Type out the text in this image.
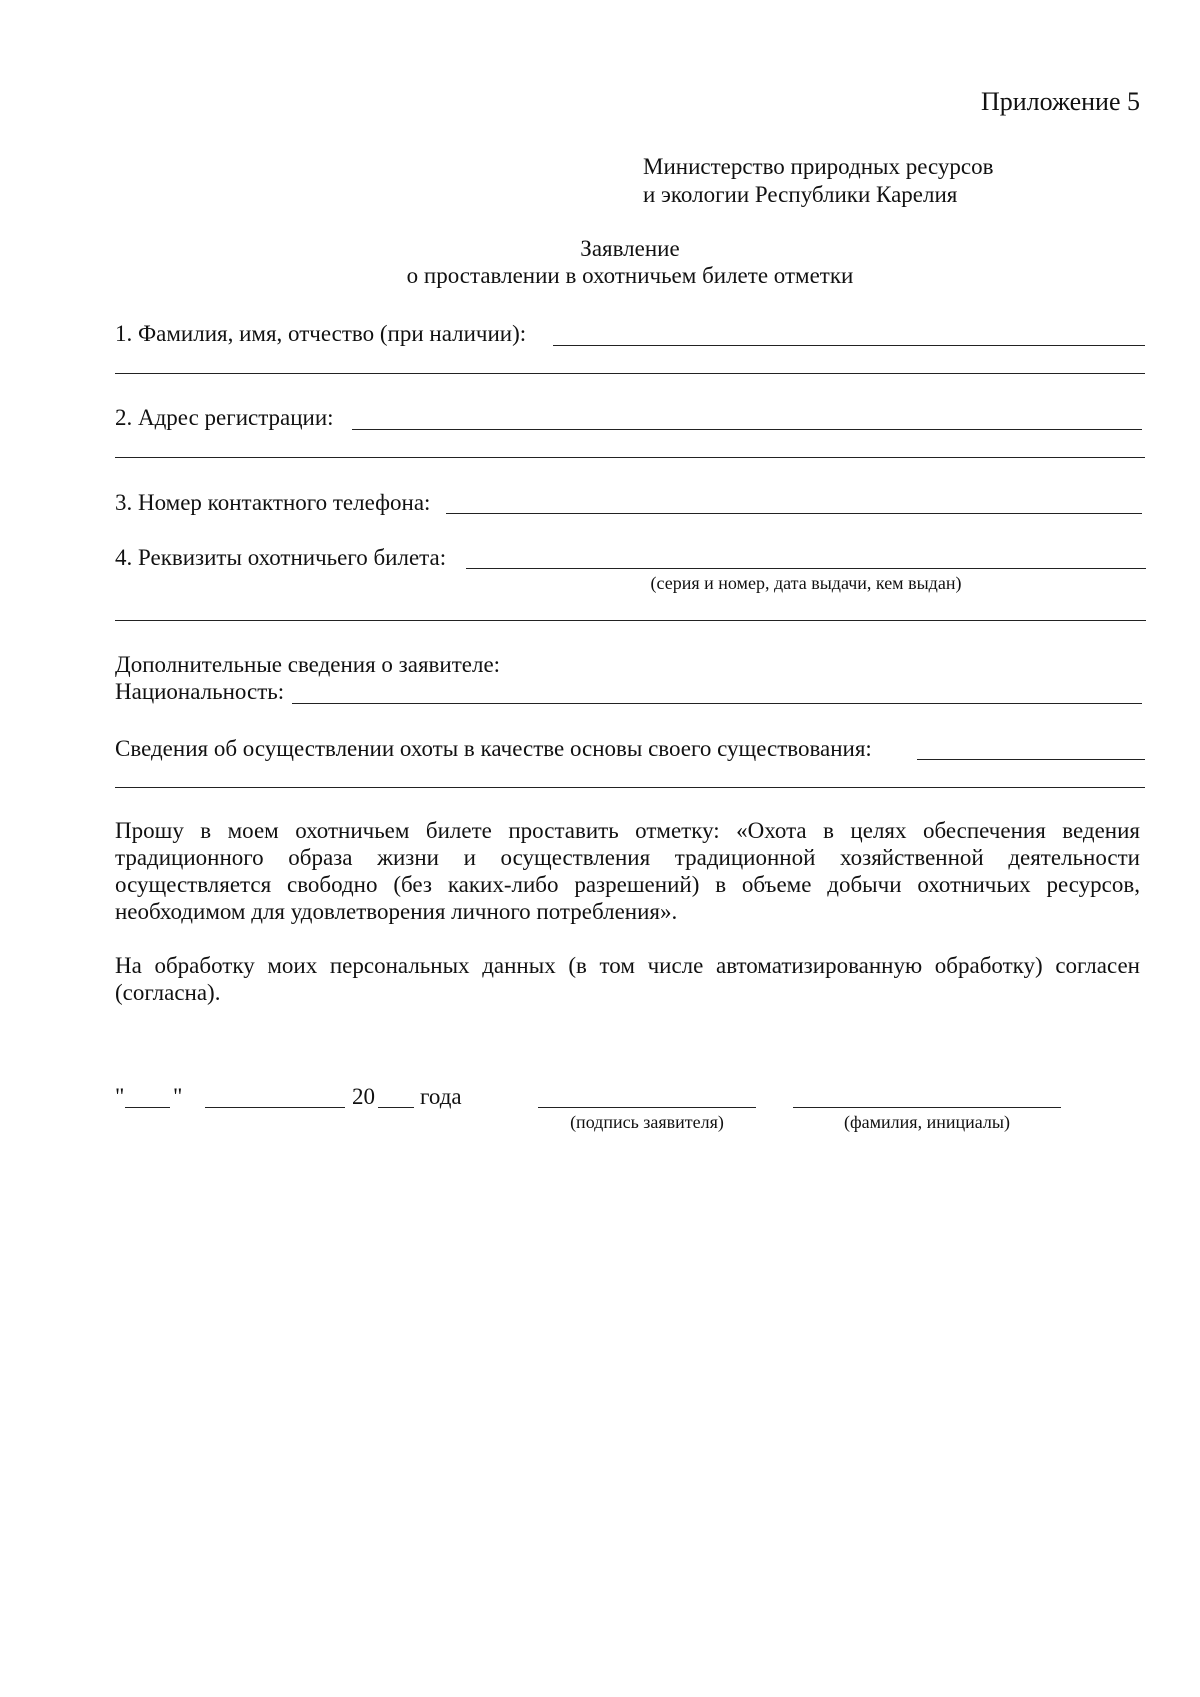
Приложение 5
Министерство природных ресурсов
и экологии Республики Карелия
Заявление
о проставлении в охотничьем билете отметки
1. Фамилия, имя, отчество (при наличии):
2. Адрес регистрации:
3. Номер контактного телефона:
4. Реквизиты охотничьего билета:
(серия и номер, дата выдачи, кем выдан)
Дополнительные сведения о заявителе:
Национальность:
Сведения об осуществлении охоты в качестве основы своего существования:
Прошу в моем охотничьем билете проставить отметку: «Охота в целях обеспечения ведения традиционного образа жизни и осуществления традиционной хозяйственной деятельности осуществляется свободно (без каких-либо разрешений) в объеме добычи охотничьих ресурсов, необходимом для удовлетворения личного потребления».
На обработку моих персональных данных (в том числе автоматизированную обработку) согласен (согласна).
" "	20 года
(подпись заявителя)	(фамилия, инициалы)
